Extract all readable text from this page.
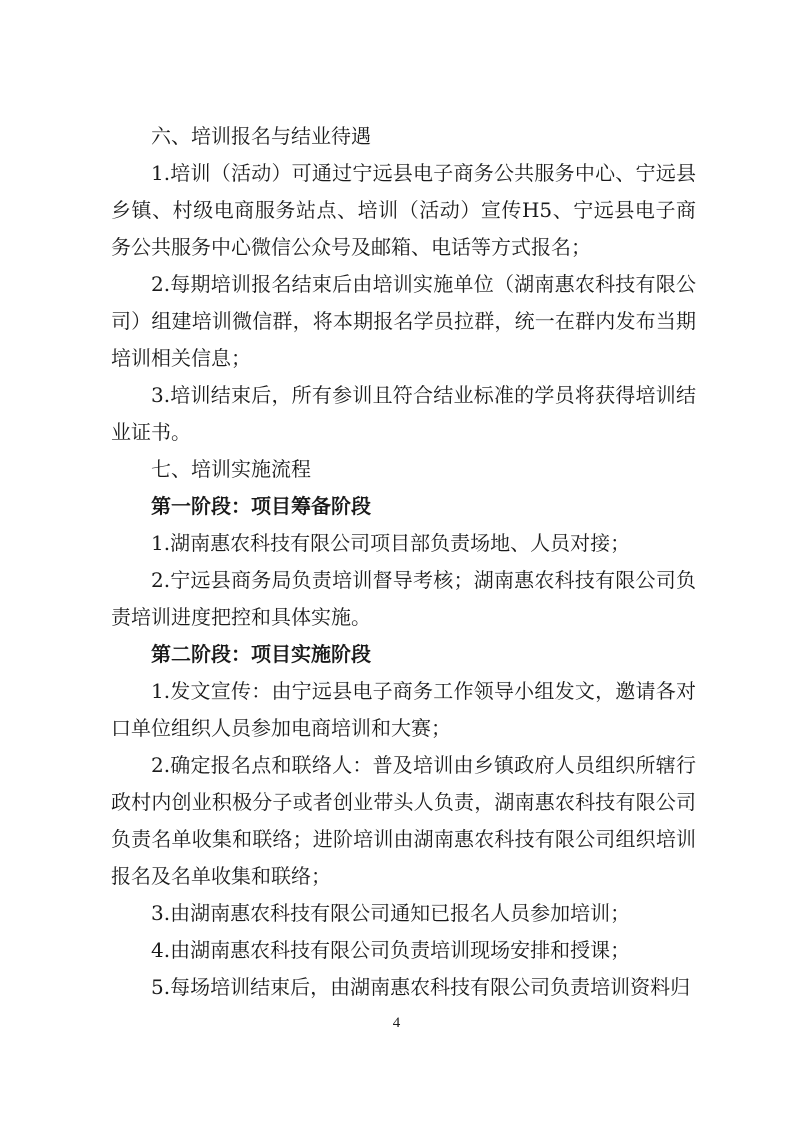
六、培训报名与结业待遇
1.培训（活动）可通过宁远县电子商务公共服务中心、宁远县乡镇、村级电商服务站点、培训（活动）宣传H5、宁远县电子商务公共服务中心微信公众号及邮箱、电话等方式报名；
2.每期培训报名结束后由培训实施单位（湖南惠农科技有限公司）组建培训微信群，将本期报名学员拉群，统一在群内发布当期培训相关信息；
3.培训结束后，所有参训且符合结业标准的学员将获得培训结业证书。
七、培训实施流程
第一阶段：项目筹备阶段
1.湖南惠农科技有限公司项目部负责场地、人员对接；
2.宁远县商务局负责培训督导考核；湖南惠农科技有限公司负责培训进度把控和具体实施。
第二阶段：项目实施阶段
1.发文宣传：由宁远县电子商务工作领导小组发文，邀请各对口单位组织人员参加电商培训和大赛；
2.确定报名点和联络人：普及培训由乡镇政府人员组织所辖行政村内创业积极分子或者创业带头人负责，湖南惠农科技有限公司负责名单收集和联络；进阶培训由湖南惠农科技有限公司组织培训报名及名单收集和联络；
3.由湖南惠农科技有限公司通知已报名人员参加培训；
4.由湖南惠农科技有限公司负责培训现场安排和授课；
5.每场培训结束后，由湖南惠农科技有限公司负责培训资料归
4
